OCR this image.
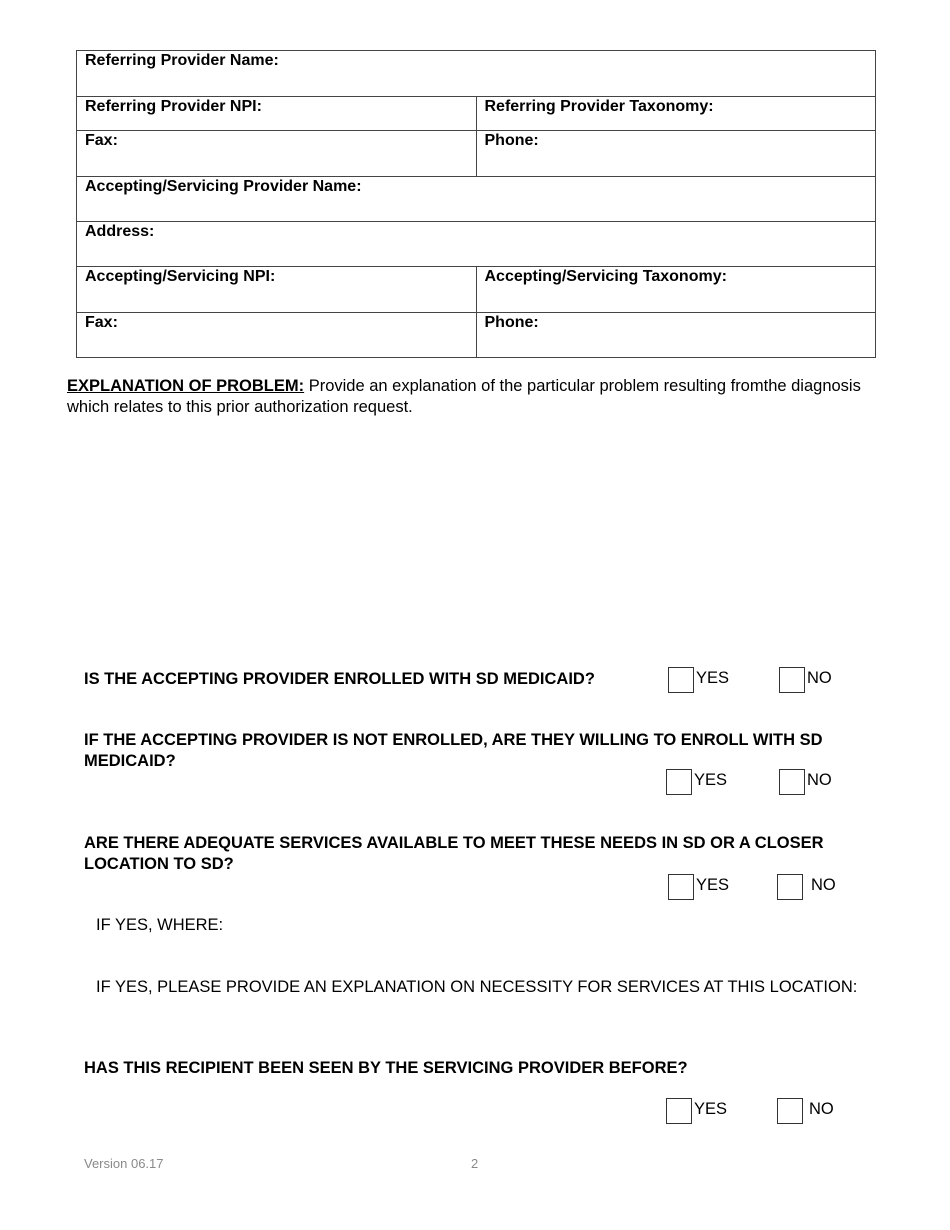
Referring Provider Name:	
Referring Provider NPI:	Referring Provider Taxonomy:
Fax:	Phone:
Accepting/Servicing Provider Name:	
Address:	
Accepting/Servicing NPI:	Accepting/Servicing Taxonomy:
Fax:	Phone:
EXPLANATION OF PROBLEM: Provide an explanation of the particular problem resulting fromthe diagnosis which relates to this prior authorization request.
IS THE ACCEPTING PROVIDER ENROLLED WITH SD MEDICAID?	YES	NO
IF THE ACCEPTING PROVIDER IS NOT ENROLLED, ARE THEY WILLING TO ENROLL WITH SD MEDICAID?
YES	NO
ARE THERE ADEQUATE SERVICES AVAILABLE TO MEET THESE NEEDS IN SD OR A CLOSER LOCATION TO SD?
YES	NO
IF YES, WHERE:
IF YES, PLEASE PROVIDE AN EXPLANATION ON NECESSITY FOR SERVICES AT THIS LOCATION:
HAS THIS RECIPIENT BEEN SEEN BY THE SERVICING PROVIDER BEFORE?
YES	NO
Version 06.17	2
